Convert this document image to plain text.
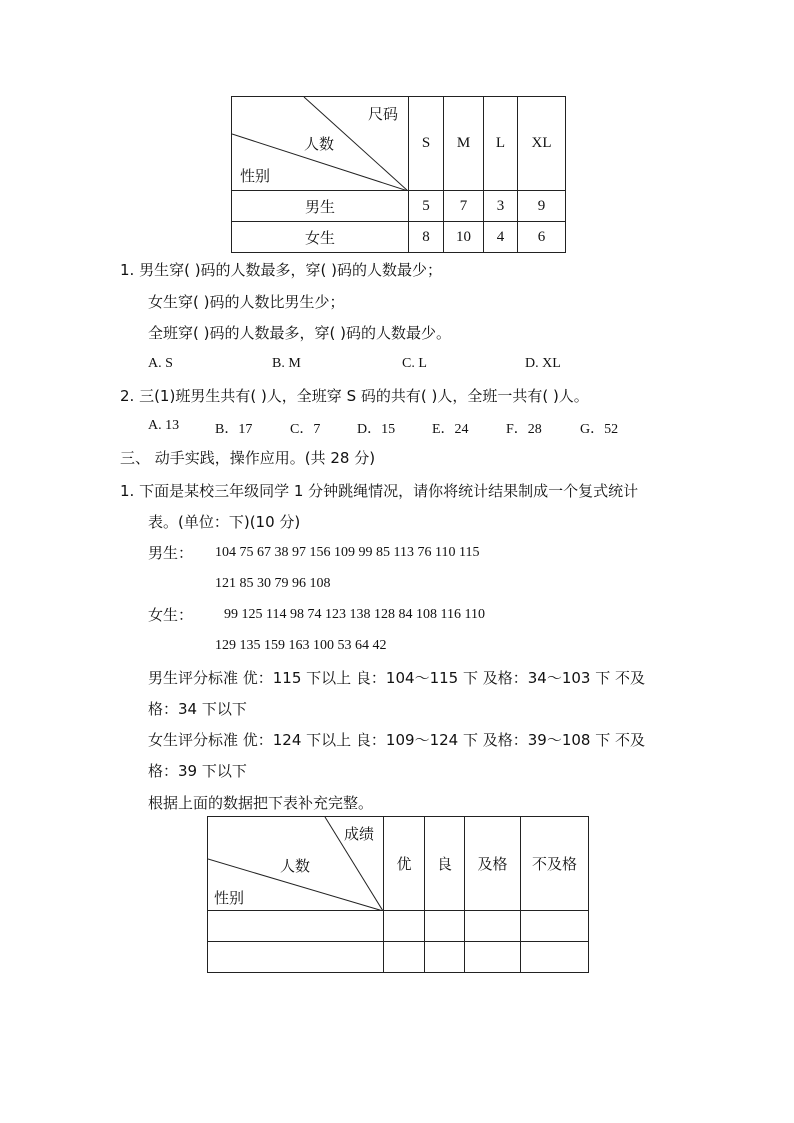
尺码
人数
性别	S	M	L	XL
男生	5	7	3	9
女生	8	10	4	6
1. 男生穿( )码的人数最多，穿( )码的人数最少；
女生穿( )码的人数比男生少；
全班穿( )码的人数最多，穿( )码的人数最少。
A. S	B. M	C. L	D. XL
2. 三(1)班男生共有( )人，全班穿 S 码的共有( )人，全班一共有( )人。
A. 13	B．17	C．7	D．15	E．24	F．28	G．52
三、 动手实践，操作应用。(共 28 分)
1. 下面是某校三年级同学 1 分钟跳绳情况，请你将统计结果制成一个复式统计
表。(单位：下)(10 分)
男生： 104 75 67 38 97 156 109 99 85 113 76 110 115
121 85 30 79 96 108
女生： 99 125 114 98 74 123 138 128 84 108 116 110
129 135 159 163 100 53 64 42
男生评分标准 优：115 下以上 良：104～115 下 及格：34～103 下 不及
格：34 下以下
女生评分标准 优：124 下以上 良：109～124 下 及格：39～108 下 不及
格：39 下以下
根据上面的数据把下表补充完整。
成绩
人数
性别	优	良	及格	不及格
